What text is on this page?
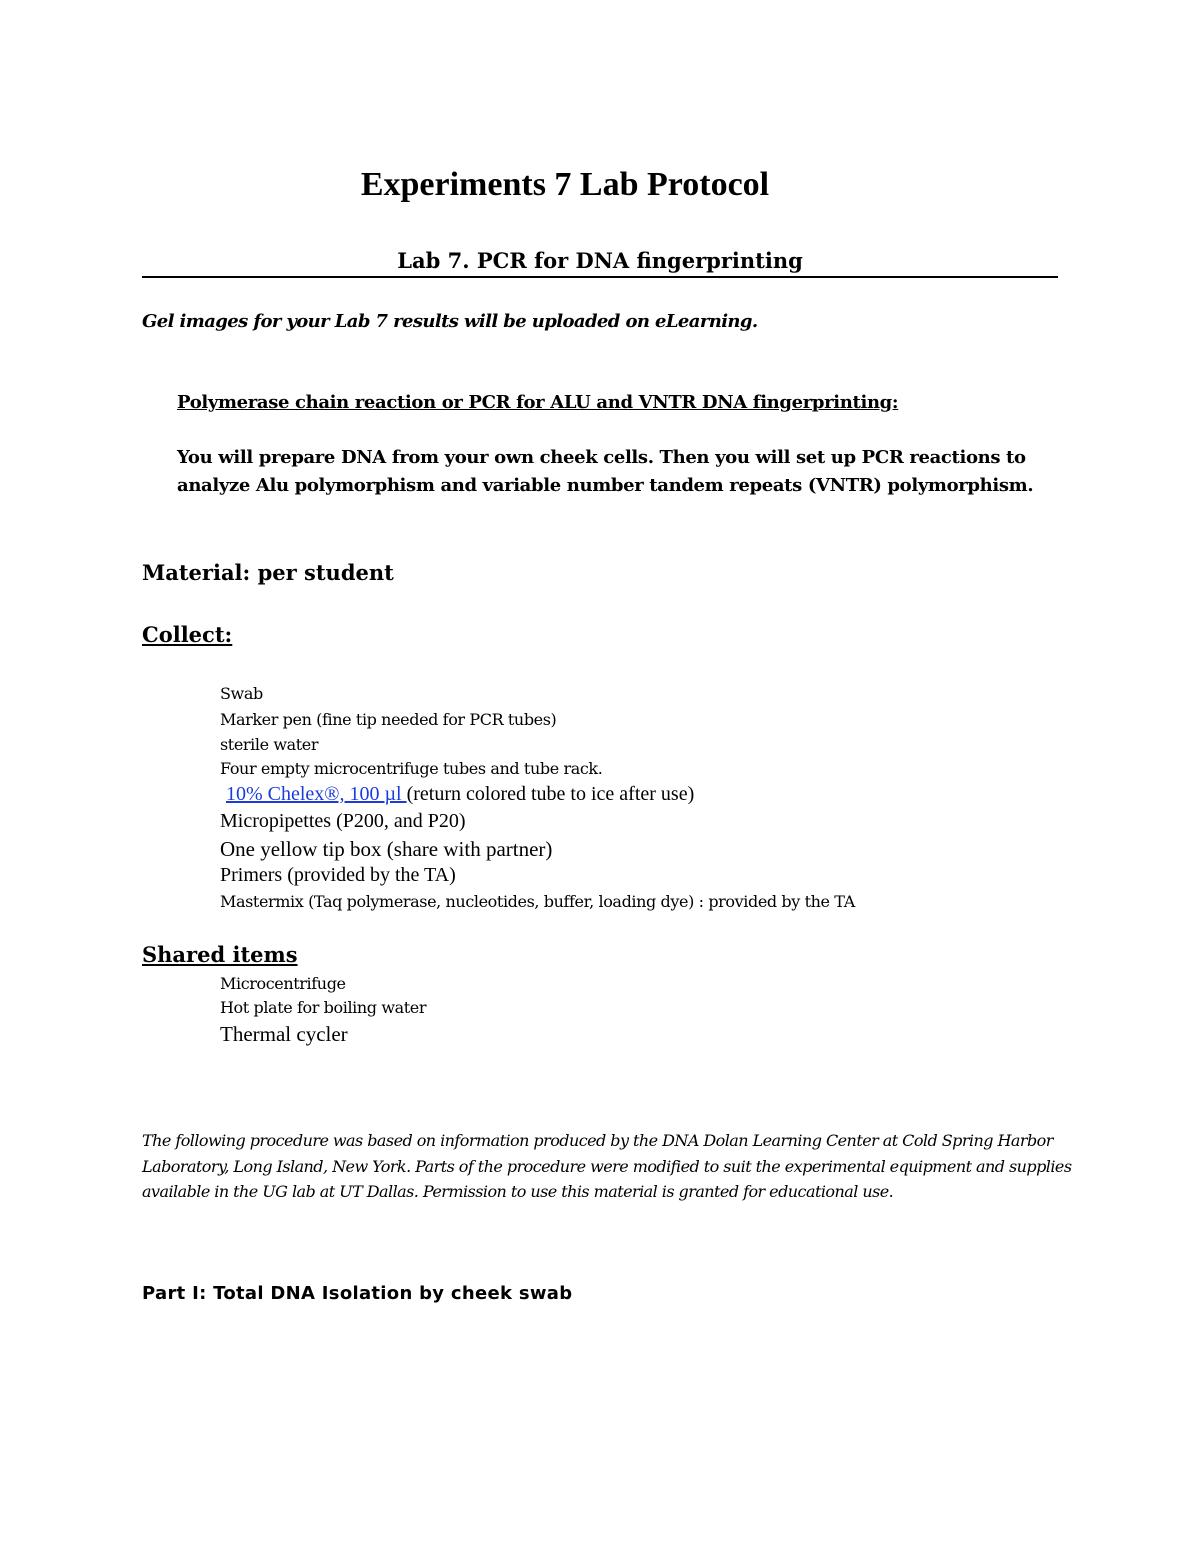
Experiments 7 Lab Protocol
Lab 7. PCR for DNA fingerprinting
Gel images for your Lab 7 results will be uploaded on eLearning.
Polymerase chain reaction or PCR for ALU and VNTR DNA fingerprinting:
You will prepare DNA from your own cheek cells. Then you will set up PCR reactions to analyze Alu polymorphism and variable number tandem repeats (VNTR) polymorphism.
Material: per student
Collect:
Swab
Marker pen (fine tip needed for PCR tubes)
sterile water
Four empty microcentrifuge tubes and tube rack.
10% Chelex®, 100 µl (return colored tube to ice after use)
Micropipettes (P200, and P20)
One yellow tip box (share with partner)
Primers (provided by the TA)
Mastermix (Taq polymerase, nucleotides, buffer, loading dye) : provided by the TA
Shared items
Microcentrifuge
Hot plate for boiling water
Thermal cycler
The following procedure was based on information produced by the DNA Dolan Learning Center at Cold Spring Harbor Laboratory, Long Island, New York. Parts of the procedure were modified to suit the experimental equipment and supplies available in the UG lab at UT Dallas. Permission to use this material is granted for educational use.
Part I: Total DNA Isolation by cheek swab
